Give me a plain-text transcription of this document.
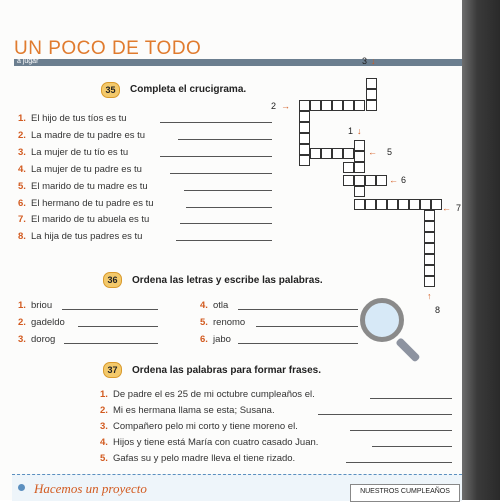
UN POCO DE TODO
a jugar
35	Completa el crucigrama.
1. El hijo de tus tíos es tu
2. La madre de tu padre es tu
3. La mujer de tu tío es tu
4. La mujer de tu padre es tu
5. El marido de tu madre es tu
6. El hermano de tu padre es tu
7. El marido de tu abuela es tu
8. La hija de tus padres es tu
3 ↓
2 →
1 ↓
← 5
← 6
← 7
↑
8
36	Ordena las letras y escribe las palabras.
1. briou
2. gadeldo
3. dorog
4. otla
5. renomo
6. jabo
37	Ordena las palabras para formar frases.
1. De padre el es 25 de mi octubre cumpleaños el.
2. Mi es hermana llama se esta; Susana.
3. Compañero pelo mi corto y tiene moreno el.
4. Hijos y tiene está María con cuatro casado Juan.
5. Gafas su y pelo madre lleva el tiene rizado.
Hacemos un proyecto	NUESTROS CUMPLEAÑOS
